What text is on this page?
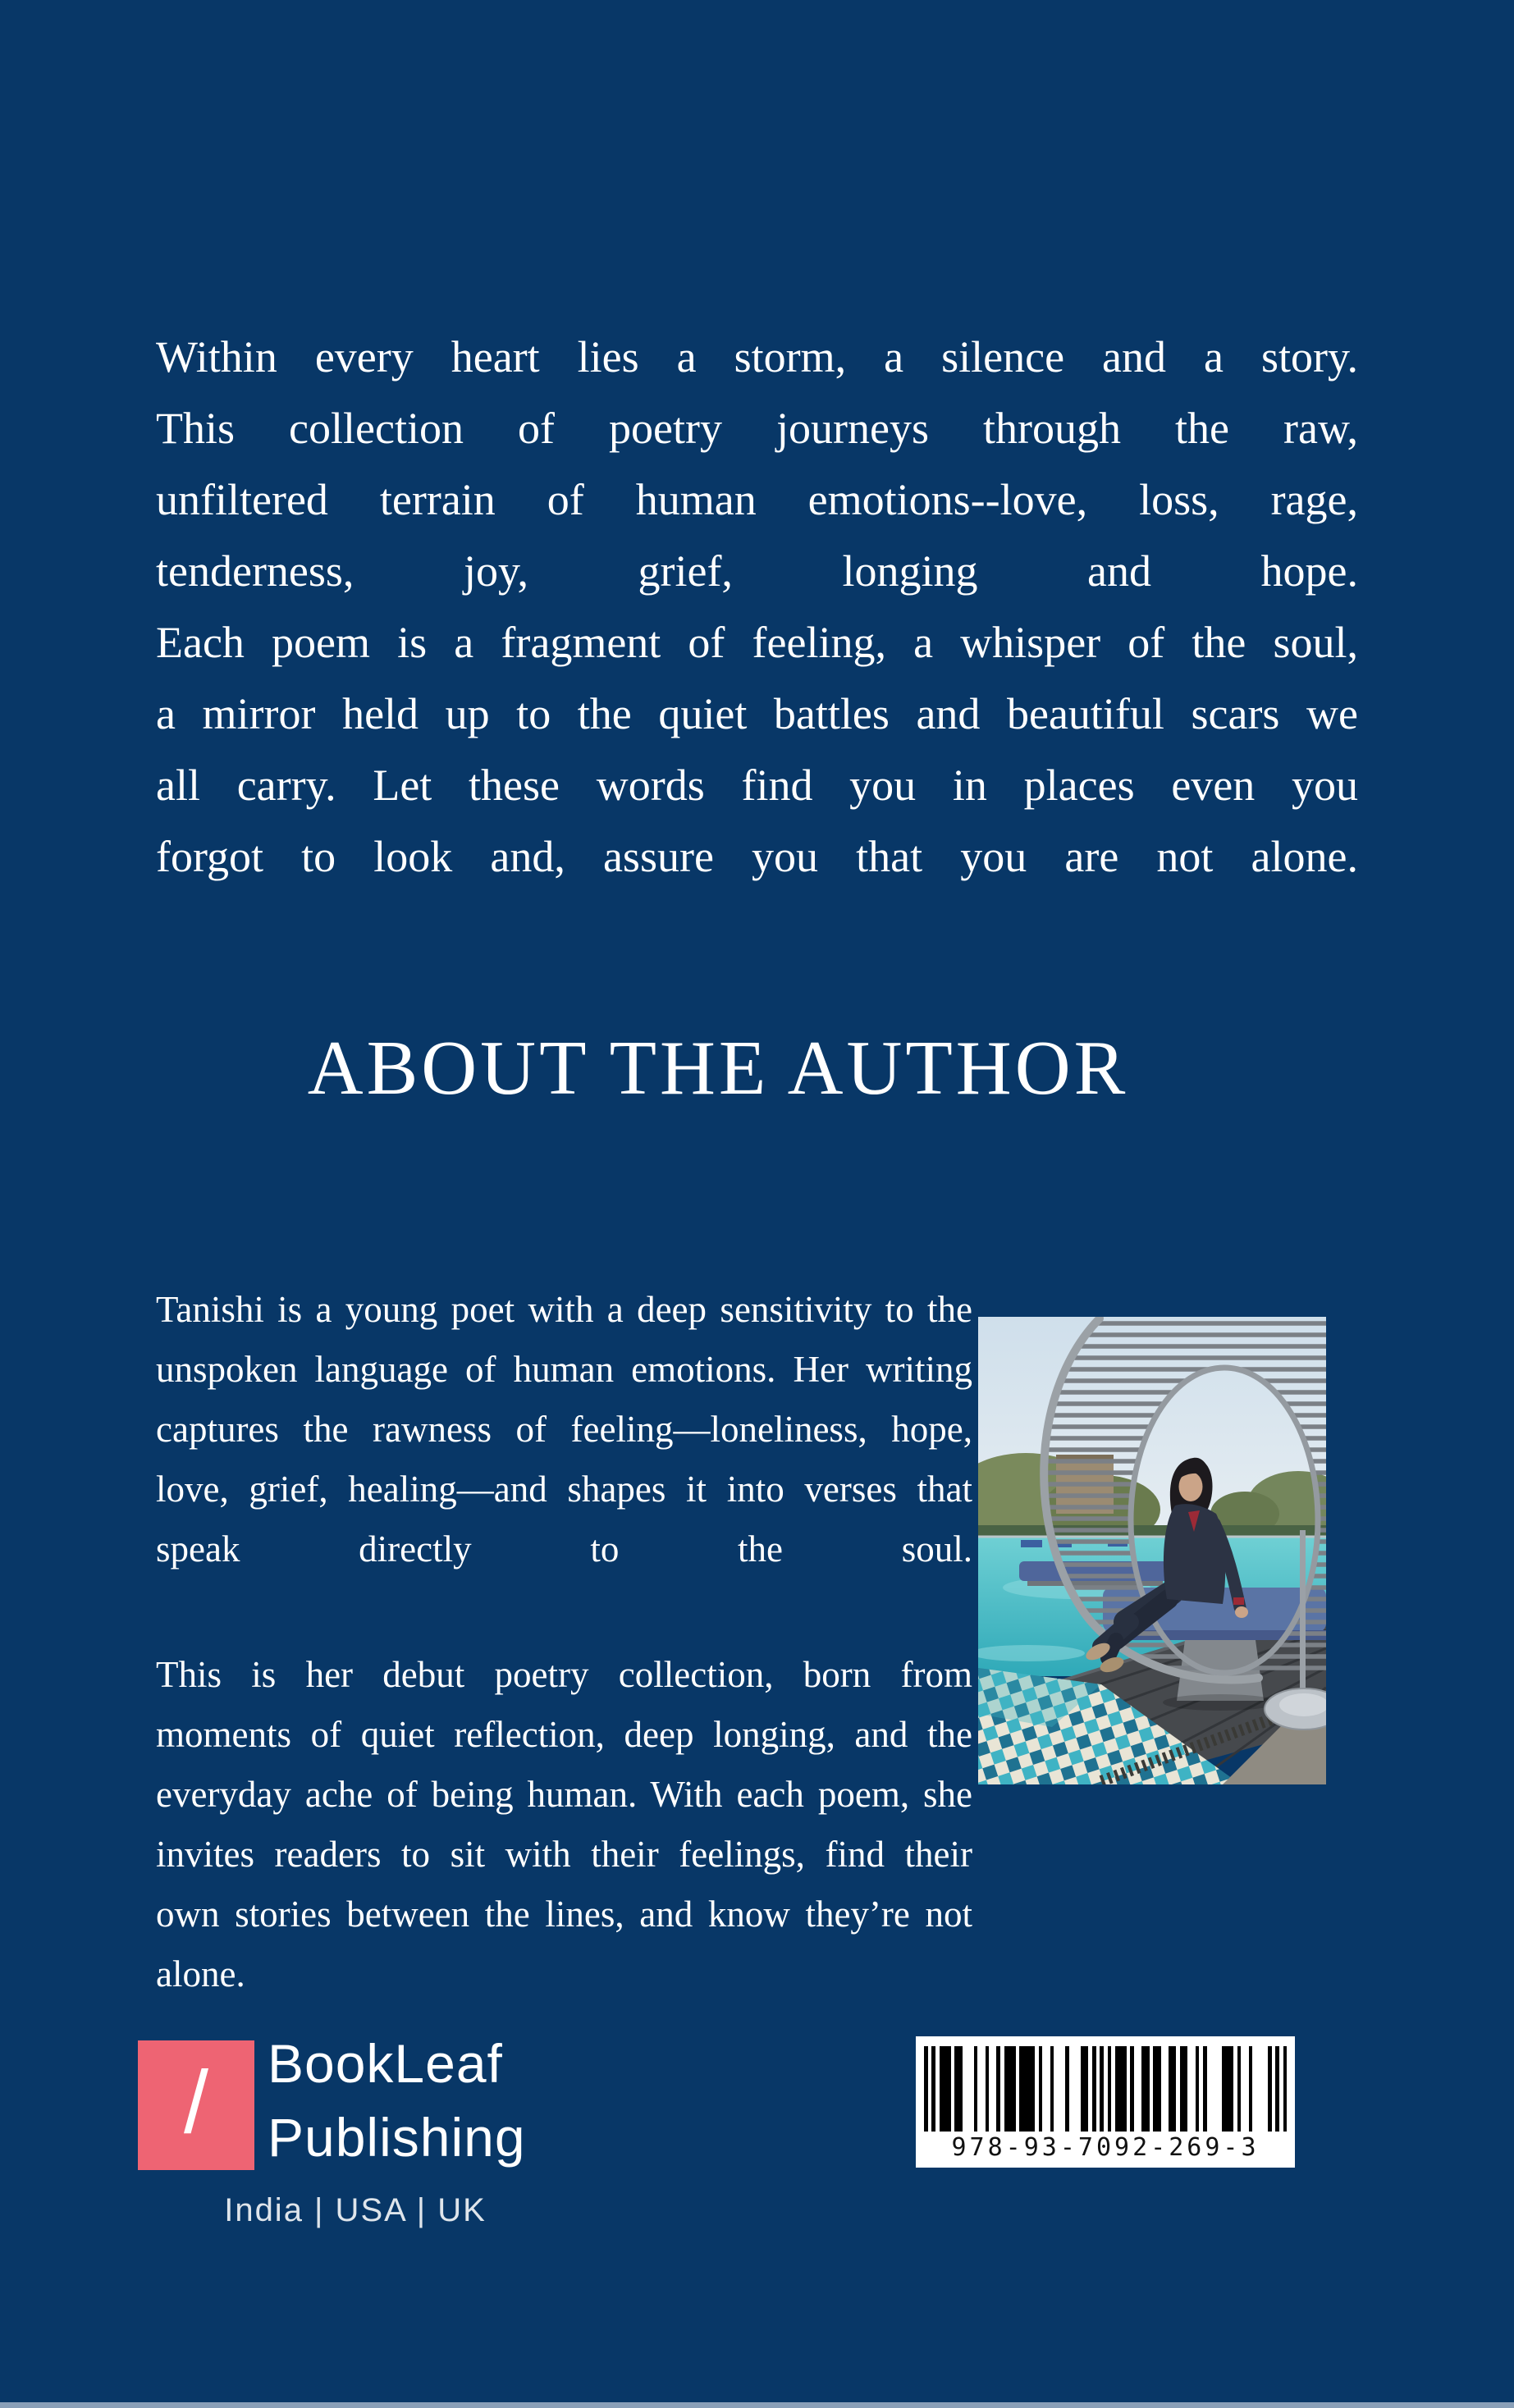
Within every heart lies a storm, a silence and a story.
This collection of poetry journeys through the raw,
unfiltered terrain of human emotions--love, loss, rage,
tenderness, joy, grief, longing and hope.
Each poem is a fragment of feeling, a whisper of the soul,
a mirror held up to the quiet battles and beautiful scars we
all carry. Let these words find you in places even you
forgot to look and, assure you that you are not alone.
ABOUT THE AUTHOR
Tanishi is a young poet with a deep sensitivity to the
unspoken language of human emotions. Her writing
captures the rawness of feeling—loneliness, hope,
love, grief, healing—and shapes it into verses that
speak directly to the soul.
This is her debut poetry collection, born from
moments of quiet reflection, deep longing, and the
everyday ache of being human. With each poem, she
invites readers to sit with their feelings, find their
own stories between the lines, and know they’re not
alone.
/ BookLeaf
Publishing
India | USA | UK
978-93-7092-269-3
